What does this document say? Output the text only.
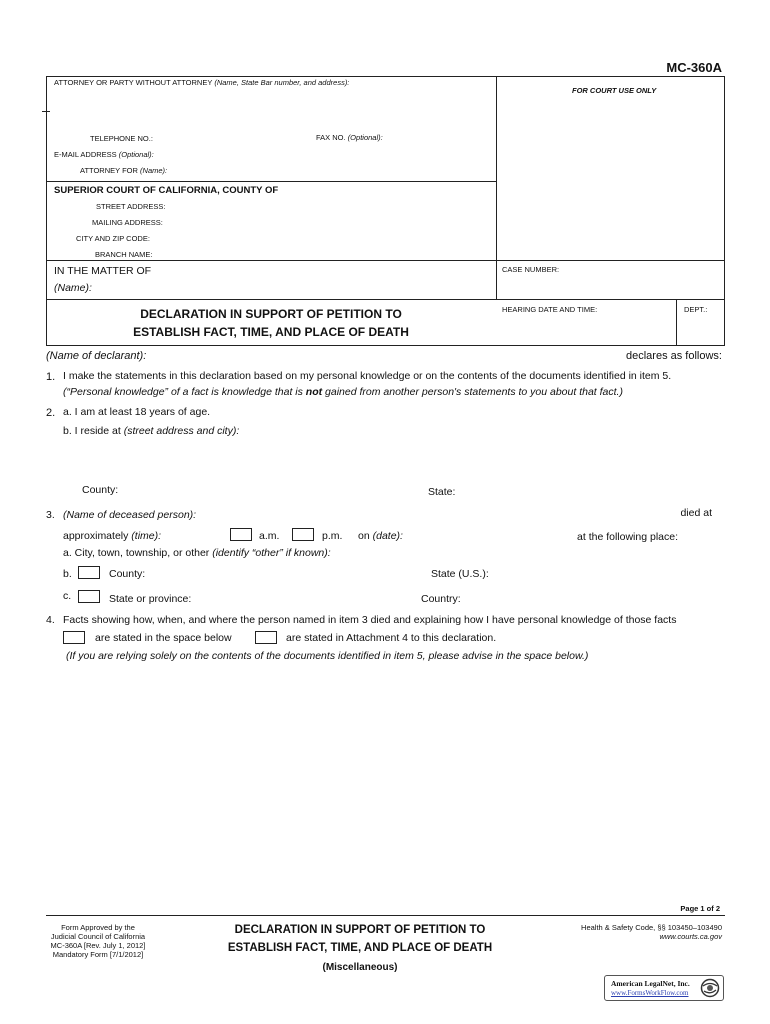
MC-360A
ATTORNEY OR PARTY WITHOUT ATTORNEY (Name, State Bar number, and address):
FOR COURT USE ONLY
TELEPHONE NO.:	FAX NO. (Optional):
E-MAIL ADDRESS (Optional):
ATTORNEY FOR (Name):
SUPERIOR COURT OF CALIFORNIA, COUNTY OF
STREET ADDRESS:
MAILING ADDRESS:
CITY AND ZIP CODE:
BRANCH NAME:
IN THE MATTER OF
(Name):
CASE NUMBER:
HEARING DATE AND TIME:	DEPT.:
DECLARATION IN SUPPORT OF PETITION TO
ESTABLISH FACT, TIME, AND PLACE OF DEATH
(Name of declarant):	declares as follows:
1. I make the statements in this declaration based on my personal knowledge or on the contents of the documents identified in item 5.
(“Personal knowledge” of a fact is knowledge that is not gained from another person's statements to you about that fact.)
2. a. I am at least 18 years of age.
b. I reside at (street address and city):
County:	State:
3. (Name of deceased person):	died at
approximately (time):	a.m.	p.m. on (date):	at the following place:
a. City, town, township, or other (identify “other” if known):
b.	County:	State (U.S.):
c.	State or province:	Country:
4. Facts showing how, when, and where the person named in item 3 died and explaining how I have personal knowledge of those facts
are stated in the space below	are stated in Attachment 4 to this declaration.
(If you are relying solely on the contents of the documents identified in item 5, please advise in the space below.)
Page 1 of 2
Form Approved by the
Judicial Council of California
MC-360A [Rev. July 1, 2012]
Mandatory Form [7/1/2012]
DECLARATION IN SUPPORT OF PETITION TO
ESTABLISH FACT, TIME, AND PLACE OF DEATH
(Miscellaneous)
Health & Safety Code, §§ 103450–103490
www.courts.ca.gov
American LegalNet, Inc.
www.FormsWorkFlow.com
